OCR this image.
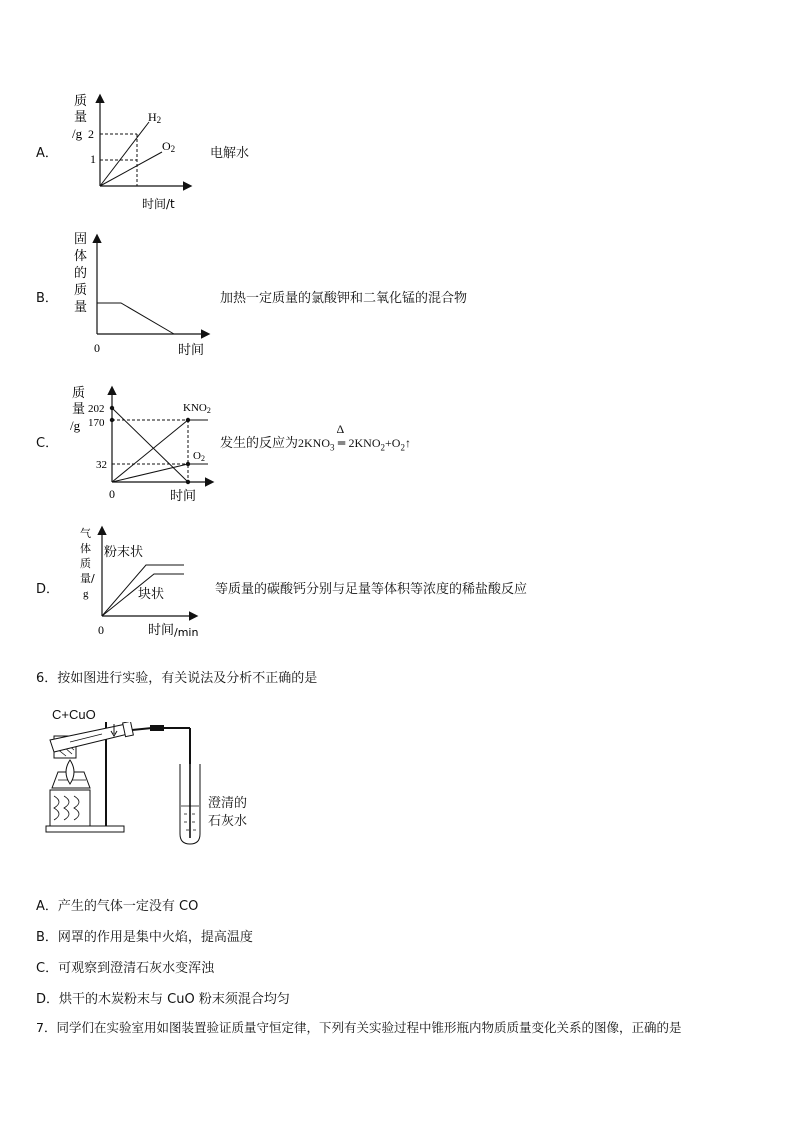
A．
质
量
/g 2
1
H2
O2
时间/t
电解水
B．
固
体
的
质
量
0	时间
加热一定质量的氯酸钾和二氧化锰的混合物
C．
质
量
/g
202
170
32
KNO2
O2
0	时间
发生的反应为$2KNO_3$
Δ
═ $2KNO_2+O_2↑$
D．
气
体
质
量/
g
粉末状
块状
0	时间/min
等质量的碳酸钙分别与足量等体积等浓度的稀盐酸反应
6．按如图进行实验，有关说法及分析不正确的是
C+CuO
澄清的
石灰水
A．产生的气体一定没有 CO
B．网罩的作用是集中火焰，提高温度
C．可观察到澄清石灰水变浑浊
D．烘干的木炭粉末与 CuO 粉末须混合均匀
7．同学们在实验室用如图装置验证质量守恒定律，下列有关实验过程中锥形瓶内物质质量变化关系的图像，正确的是
